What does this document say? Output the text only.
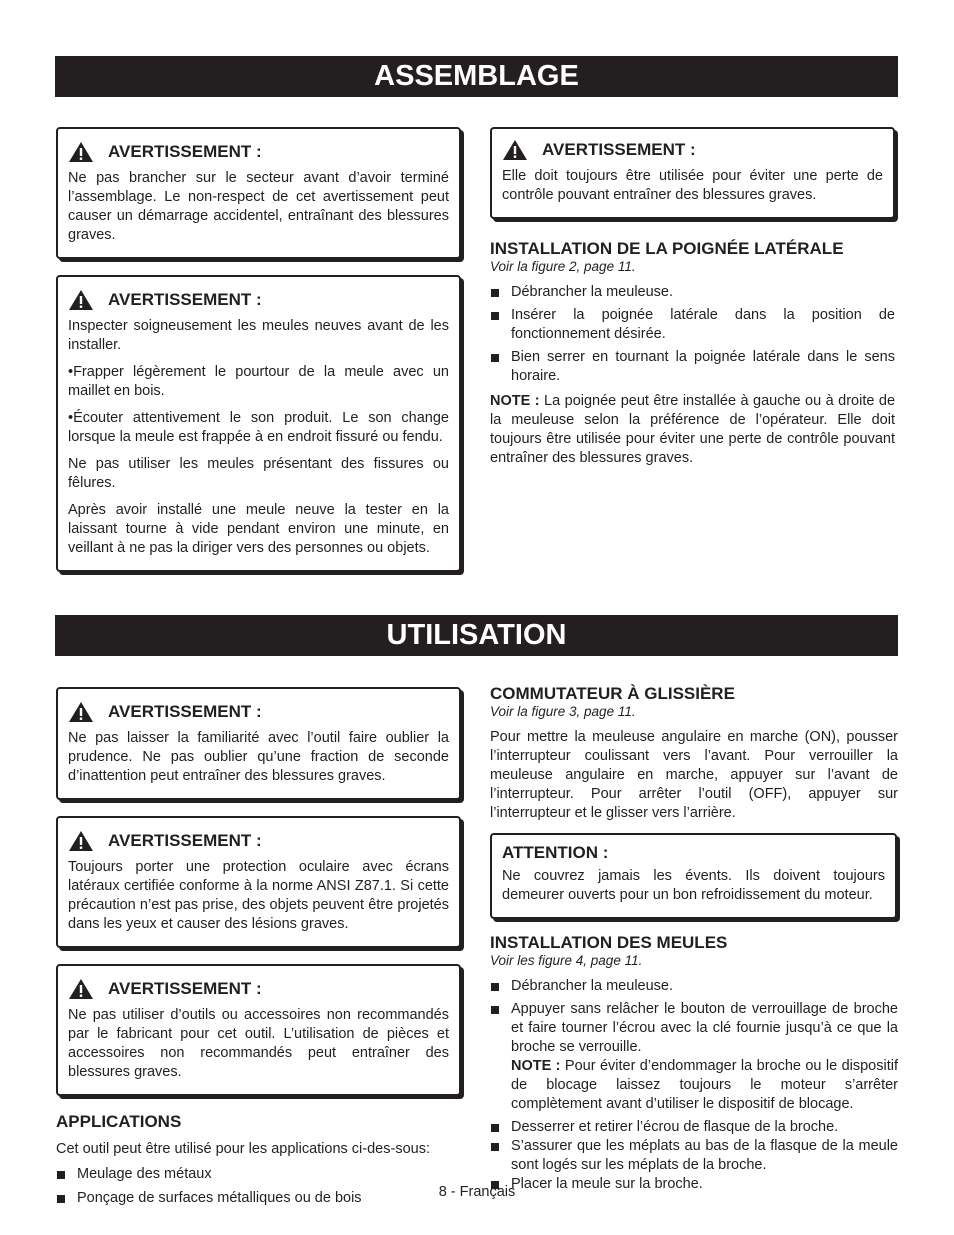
ASSEMBLAGE
UTILISATION
AVERTISSEMENT :

Ne pas brancher sur le secteur avant d’avoir terminé l’assemblage. Le non-respect de cet avertissement peut causer un démarrage accidentel, entraînant des blessures graves.

AVERTISSEMENT :

Inspecter soigneusement les meules neuves avant de les installer.

•Frapper légèrement le pourtour de la meule avec un maillet en bois.

•Écouter attentivement le son produit. Le son change lorsque la meule est frappée à en endroit fissuré ou fendu.

Ne pas utiliser les meules présentant des fissures ou fêlures.

Après avoir installé une meule neuve la tester en la laissant tourne à vide pendant environ une minute, en veillant à ne pas la diriger vers des personnes ou objets.

AVERTISSEMENT :

Elle doit toujours être utilisée pour éviter une perte de contrôle pouvant entraîner des blessures graves.

INSTALLATION DE LA POIGNÉE LATÉRALE

Voir la figure 2, page 11.

Débrancher la meuleuse.
Insérer la poignée latérale dans la position de fonctionnement désirée.
Bien serrer en tournant la poignée latérale dans le sens horaire.

NOTE : La poignée peut être installée à gauche ou à droite de la meuleuse selon la préférence de l’opérateur. Elle doit toujours être utilisée pour éviter une perte de contrôle pouvant entraîner des blessures graves.

AVERTISSEMENT :

Ne pas laisser la familiarité avec l’outil faire oublier la prudence. Ne pas oublier qu’une fraction de seconde d’inattention peut entraîner des blessures graves.

AVERTISSEMENT :

Toujours porter une protection oculaire avec écrans latéraux certifiée conforme à la norme ANSI Z87.1. Si cette précaution n’est pas prise, des objets peuvent être projetés dans les yeux et causer des lésions graves.

AVERTISSEMENT :

Ne pas utiliser d’outils ou accessoires non recommandés par le fabricant pour cet outil. L’utilisation de pièces et accessoires non recommandés peut entraîner des blessures graves.

APPLICATIONS

Cet outil peut être utilisé pour les applications ci-des-sous:

Meulage des métaux
Ponçage de surfaces métalliques ou de bois

COMMUTATEUR À GLISSIÈRE

Voir la figure 3, page 11.

Pour mettre la meuleuse angulaire en marche (ON), pousser l’interrupteur coulissant vers l’avant. Pour verrouiller la meuleuse angulaire en marche, appuyer sur l’avant de l’interrupteur. Pour arrêter l’outil (OFF), appuyer sur l’interrupteur et le glisser vers l’arrière.

ATTENTION :

Ne couvrez jamais les évents. Ils doivent toujours demeurer ouverts pour un bon refroidissement du moteur.

INSTALLATION DES MEULES

Voir les figure 4, page 11.

Débrancher la meuleuse.
Appuyer sans relâcher le bouton de verrouillage de broche et faire tourner l’écrou avec la clé fournie jusqu’à ce que la broche se verrouille.
NOTE : Pour éviter d’endommager la broche ou le dispositif de blocage laissez toujours le moteur s’arrêter complètement avant d’utiliser le dispositif de blocage.
Desserrer et retirer l’écrou de flasque de la broche.
S’assurer que les méplats au bas de la flasque de la meule sont logés sur les méplats de la broche.
Placer la meule sur la broche.
8 - Français
